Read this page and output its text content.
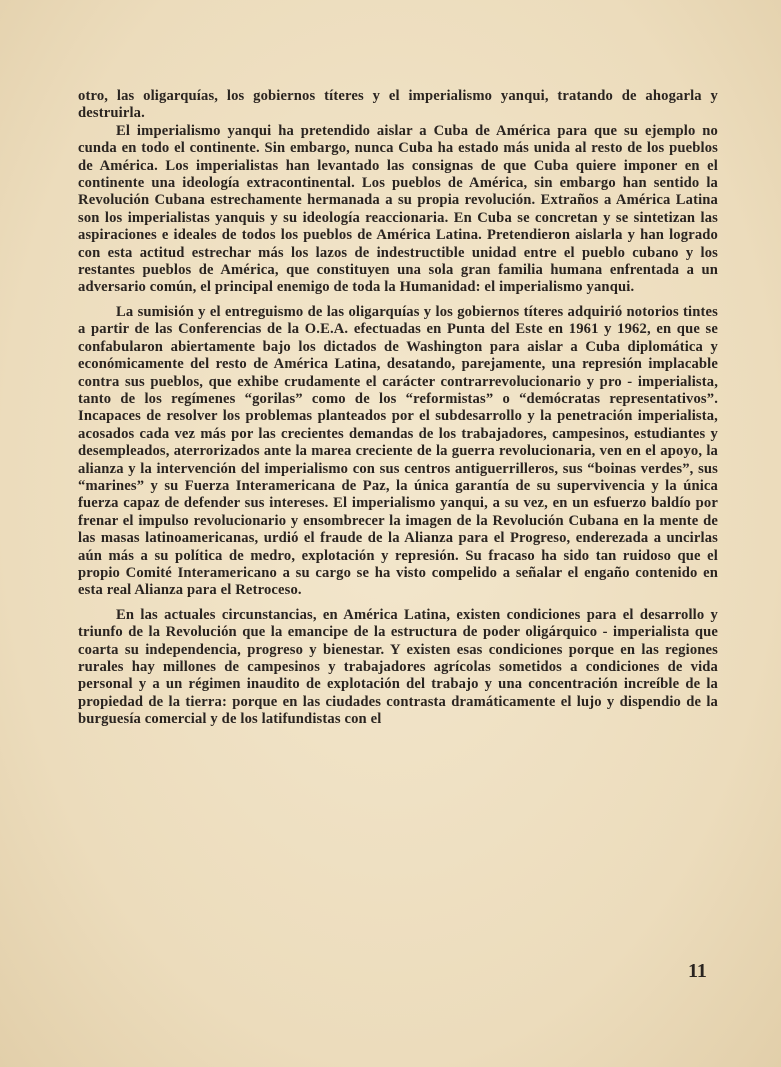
otro, las oligarquías, los gobiernos títeres y el imperialismo yanqui, tratando de ahogarla y destruirla.

El imperialismo yanqui ha pretendido aislar a Cuba de América para que su ejemplo no cunda en todo el continente. Sin embargo, nunca Cuba ha estado más unida al resto de los pueblos de América. Los imperialistas han levantado las consignas de que Cuba quiere imponer en el continente una ideología extracontinental. Los pueblos de América, sin embargo han sentido la Revolución Cubana estrechamente hermanada a su propia revolución. Extraños a América Latina son los imperialistas yanquis y su ideología reaccionaria. En Cuba se concretan y se sintetizan las aspiraciones e ideales de todos los pueblos de América Latina. Pretendieron aislarla y han logrado con esta actitud estrechar más los lazos de indestructible unidad entre el pueblo cubano y los restantes pueblos de América, que constituyen una sola gran familia humana enfrentada a un adversario común, el principal enemigo de toda la Humanidad: el imperialismo yanqui.

La sumisión y el entreguismo de las oligarquías y los gobiernos títeres adquirió notorios tintes a partir de las Conferencias de la O.E.A. efectuadas en Punta del Este en 1961 y 1962, en que se confabularon abiertamente bajo los dictados de Washington para aislar a Cuba diplomática y económicamente del resto de América Latina, desatando, parejamente, una represión implacable contra sus pueblos, que exhibe crudamente el carácter contrarrevolucionario y pro - imperialista, tanto de los regímenes “gorilas” como de los “reformistas” o “demócratas representativos”. Incapaces de resolver los problemas planteados por el subdesarrollo y la penetración imperialista, acosados cada vez más por las crecientes demandas de los trabajadores, campesinos, estudiantes y desempleados, aterrorizados ante la marea creciente de la guerra revolucionaria, ven en el apoyo, la alianza y la intervención del imperialismo con sus centros antiguerrilleros, sus “boinas verdes”, sus “marines” y su Fuerza Interamericana de Paz, la única garantía de su supervivencia y la única fuerza capaz de defender sus intereses. El imperialismo yanqui, a su vez, en un esfuerzo baldío por frenar el impulso revolucionario y ensombrecer la imagen de la Revolución Cubana en la mente de las masas latinoamericanas, urdió el fraude de la Alianza para el Progreso, enderezada a uncirlas aún más a su política de medro, explotación y represión. Su fracaso ha sido tan ruidoso que el propio Comité Interamericano a su cargo se ha visto compelido a señalar el engaño contenido en esta real Alianza para el Retroceso.

En las actuales circunstancias, en América Latina, existen condiciones para el desarrollo y triunfo de la Revolución que la emancipe de la estructura de poder oligárquico - imperialista que coarta su independencia, progreso y bienestar. Y existen esas condiciones porque en las regiones rurales hay millones de campesinos y trabajadores agrícolas sometidos a condiciones de vida personal y a un régimen inaudito de explotación del trabajo y una concentración increíble de la propiedad de la tierra: porque en las ciudades contrasta dramáticamente el lujo y dispendio de la burguesía comercial y de los latifundistas con el

11
